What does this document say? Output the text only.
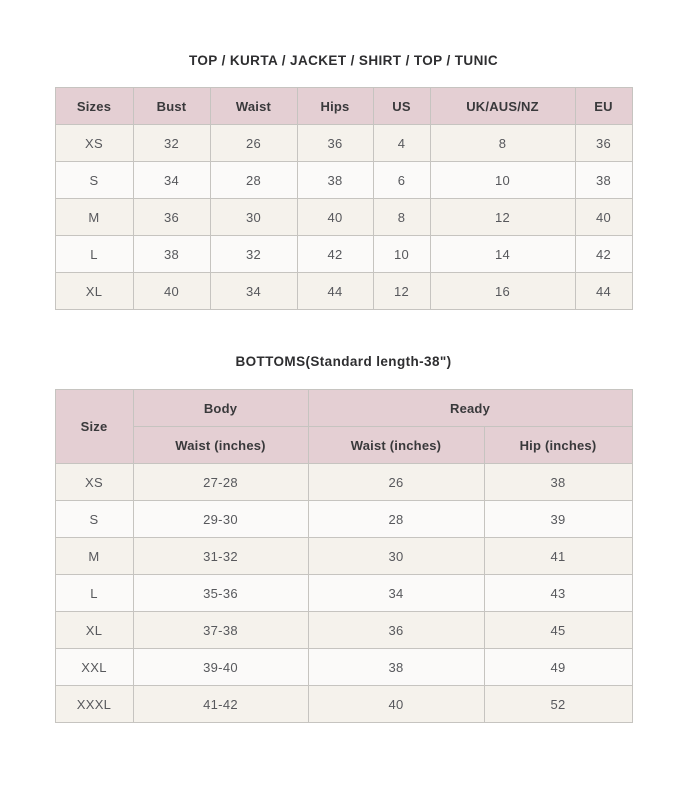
TOP / KURTA / JACKET / SHIRT / TOP / TUNIC
Sizes	Bust	Waist	Hips	US	UK/AUS/NZ	EU
XS	32	26	36	4	8	36
S	34	28	38	6	10	38
M	36	30	40	8	12	40
L	38	32	42	10	14	42
XL	40	34	44	12	16	44
BOTTOMS(Standard length-38")
Size	Body	Ready	
	Waist (inches)	Waist (inches)	Hip (inches)
XS	27-28	26	38
S	29-30	28	39
M	31-32	30	41
L	35-36	34	43
XL	37-38	36	45
XXL	39-40	38	49
XXXL	41-42	40	52
